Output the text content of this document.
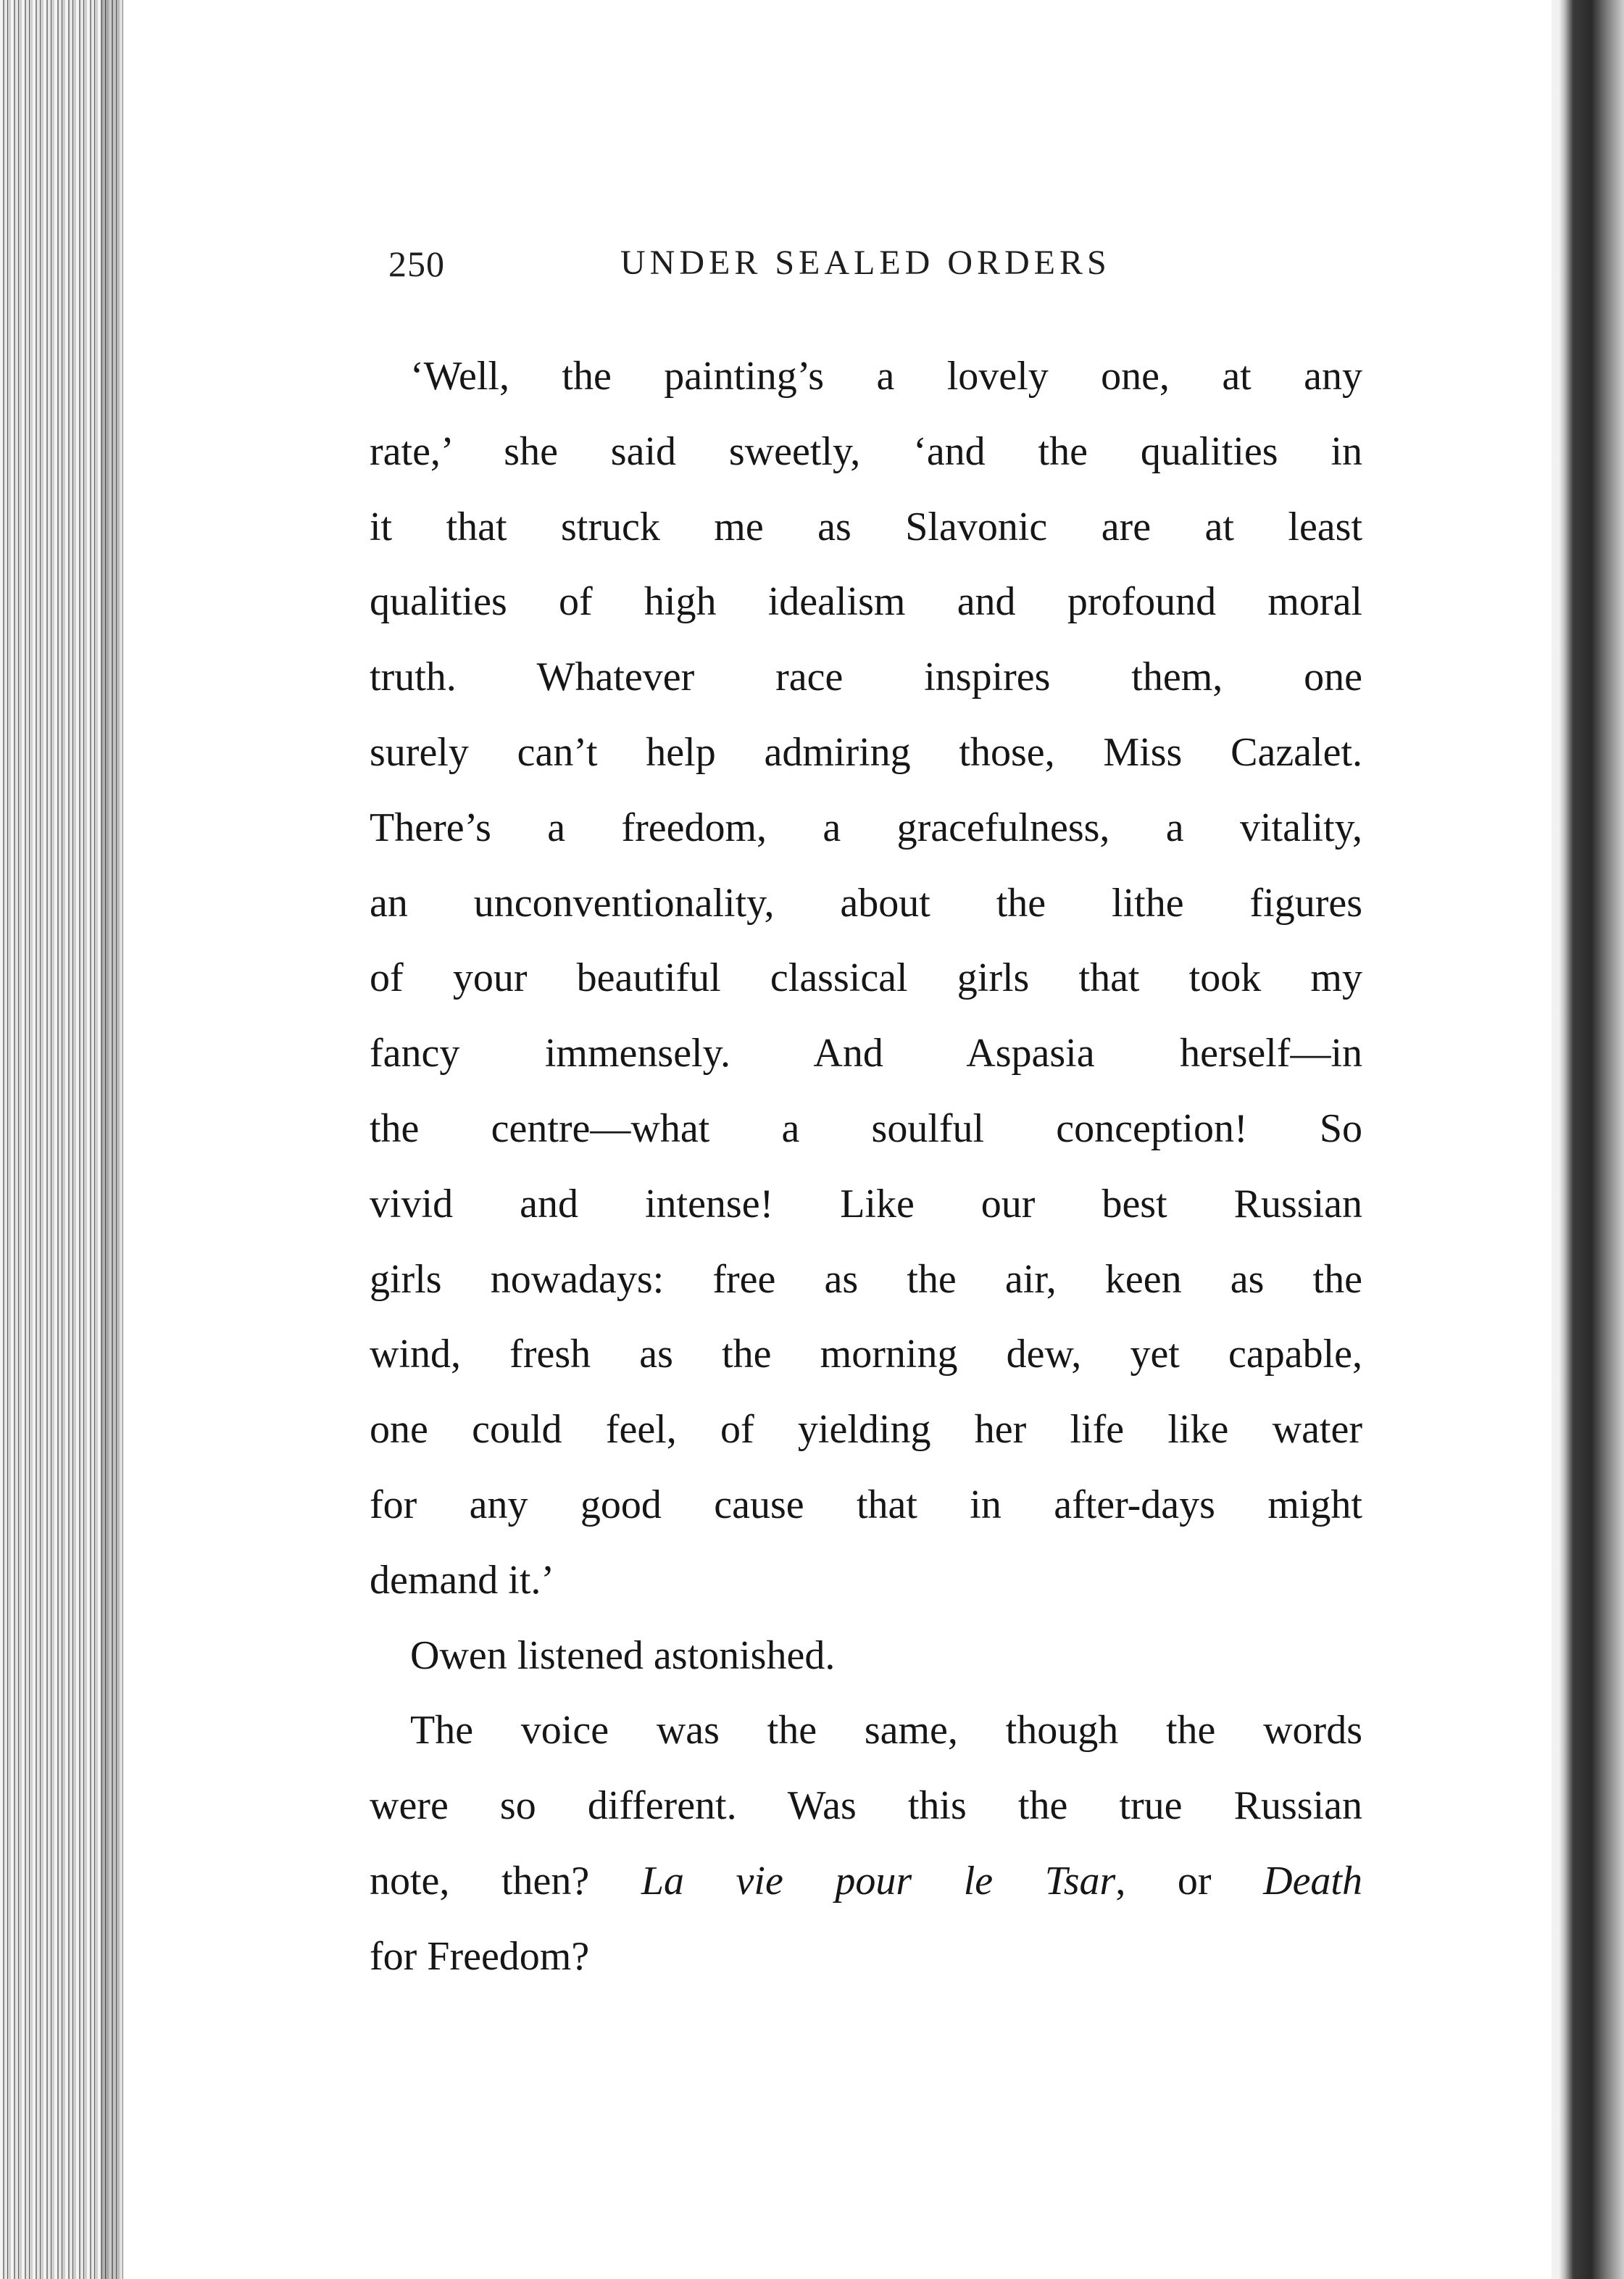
250	UNDER SEALED ORDERS
‘Well, the painting’s a lovely one, at any
rate,’ she said sweetly, ‘and the qualities in
it that struck me as Slavonic are at least
qualities of high idealism and profound moral
truth. Whatever race inspires them, one
surely can’t help admiring those, Miss Cazalet.
There’s a freedom, a gracefulness, a vitality,
an unconventionality, about the lithe figures
of your beautiful classical girls that took my
fancy immensely. And Aspasia herself—in
the centre—what a soulful conception! So
vivid and intense! Like our best Russian
girls nowadays: free as the air, keen as the
wind, fresh as the morning dew, yet capable,
one could feel, of yielding her life like water
for any good cause that in after-days might
demand it.’
Owen listened astonished.
The voice was the same, though the words
were so different. Was this the true Russian
note, then? La vie pour le Tsar, or Death
for Freedom?
